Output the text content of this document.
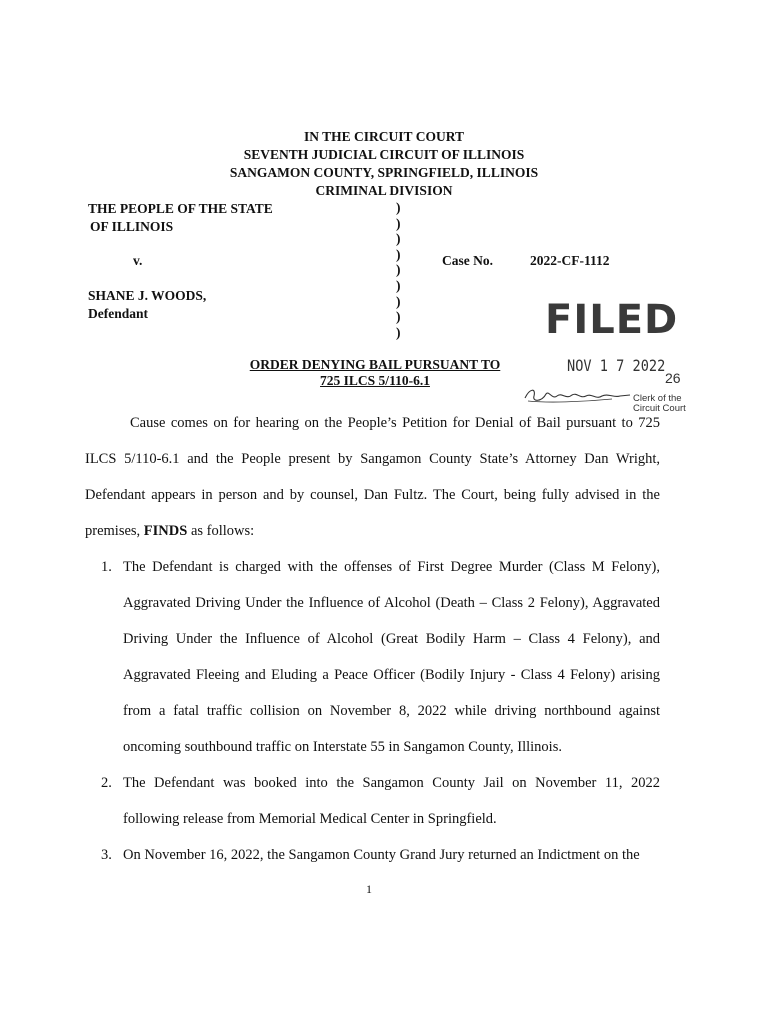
IN THE CIRCUIT COURT
SEVENTH JUDICIAL CIRCUIT OF ILLINOIS
SANGAMON COUNTY, SPRINGFIELD, ILLINOIS
CRIMINAL DIVISION
THE PEOPLE OF THE STATE
OF ILLINOIS
v.
SHANE J. WOODS,
Defendant
)
)
)
)
)
)
)
)
)
Case No.	2022-CF-1112
FILED
NOV 1 7 2022
26
Clerk of the Circuit Court
ORDER DENYING BAIL PURSUANT TO
725 ILCS 5/110-6.1

Cause comes on for hearing on the People’s Petition for Denial of Bail pursuant to 725 ILCS 5/110-6.1 and the People present by Sangamon County State’s Attorney Dan Wright, Defendant appears in person and by counsel, Dan Fultz. The Court, being fully advised in the premises, FINDS as follows:

1. The Defendant is charged with the offenses of First Degree Murder (Class M Felony), Aggravated Driving Under the Influence of Alcohol (Death – Class 2 Felony), Aggravated Driving Under the Influence of Alcohol (Great Bodily Harm – Class 4 Felony), and Aggravated Fleeing and Eluding a Peace Officer (Bodily Injury - Class 4 Felony) arising from a fatal traffic collision on November 8, 2022 while driving northbound against oncoming southbound traffic on Interstate 55 in Sangamon County, Illinois.
2. The Defendant was booked into the Sangamon County Jail on November 11, 2022 following release from Memorial Medical Center in Springfield.
3. On November 16, 2022, the Sangamon County Grand Jury returned an Indictment on the
1
